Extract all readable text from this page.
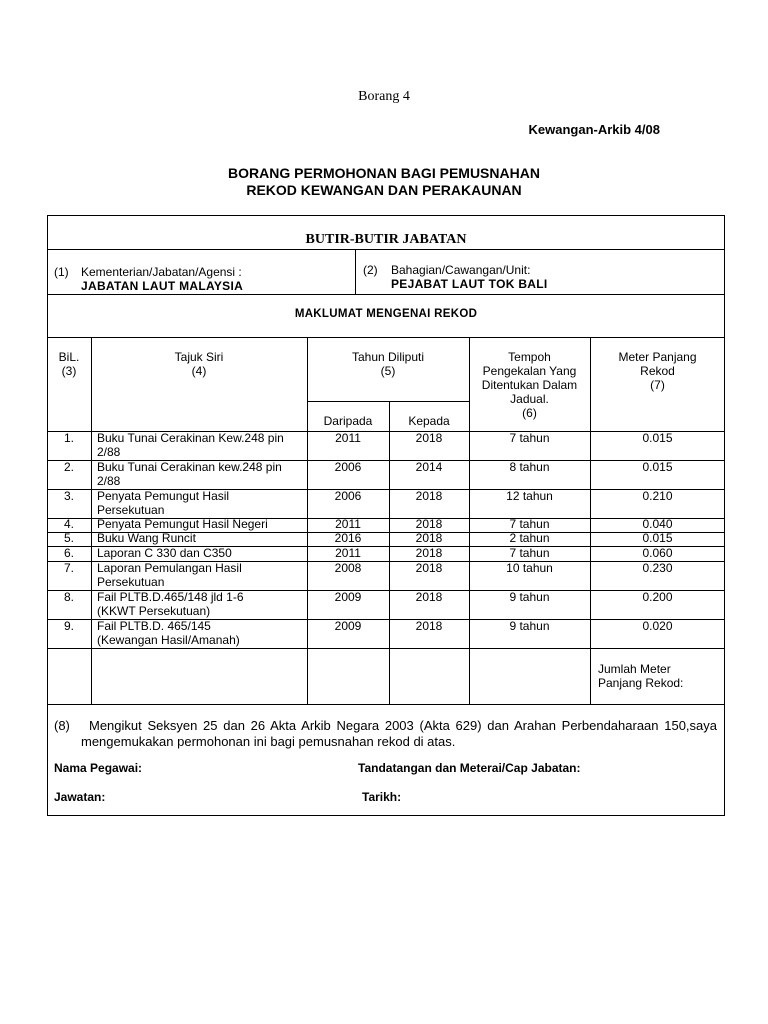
Borang 4
Kewangan-Arkib 4/08
BORANG PERMOHONAN BAGI PEMUSNAHAN
REKOD KEWANGAN DAN PERAKAUNAN
BUTIR-BUTIR JABATAN
(1) Kementerian/Jabatan/Agensi :
JABATAN LAUT MALAYSIA
(2) Bahagian/Cawangan/Unit:
PEJABAT LAUT TOK BALI
MAKLUMAT MENGENAI REKOD
BiL.
(3)
Tajuk Siri
(4)
Tahun Diliputi
(5)
Daripada	Kepada
Tempoh
Pengekalan Yang
Ditentukan Dalam
Jadual.
(6)
Meter Panjang
Rekod
(7)
1.	Buku Tunai Cerakinan Kew.248 pin
2/88
2011	2018	7 tahun	0.015
2.	Buku Tunai Cerakinan kew.248 pin
2/88
2006	2014	8 tahun	0.015
3.	Penyata Pemungut Hasil
Persekutuan
2006	2018	12 tahun	0.210
4.	Penyata Pemungut Hasil Negeri	2011	2018	7 tahun	0.040
5.	Buku Wang Runcit	2016	2018	2 tahun	0.015
6.	Laporan C 330 dan C350	2011	2018	7 tahun	0.060
7.	Laporan Pemulangan Hasil
Persekutuan
2008	2018	10 tahun	0.230
8.	Fail PLTB.D.465/148 jld 1-6
(KKWT Persekutuan)
2009	2018	9 tahun	0.200
9.	Fail PLTB.D. 465/145
(Kewangan Hasil/Amanah)
2009	2018	9 tahun	0.020
Jumlah Meter
Panjang Rekod:
(8) Mengikut Seksyen 25 dan 26 Akta Arkib Negara 2003 (Akta 629) dan Arahan Perbendaharaan 150,saya
mengemukakan permohonan ini bagi pemusnahan rekod di atas.
Nama Pegawai:	Tandatangan dan Meterai/Cap Jabatan:
Jawatan:	Tarikh:
